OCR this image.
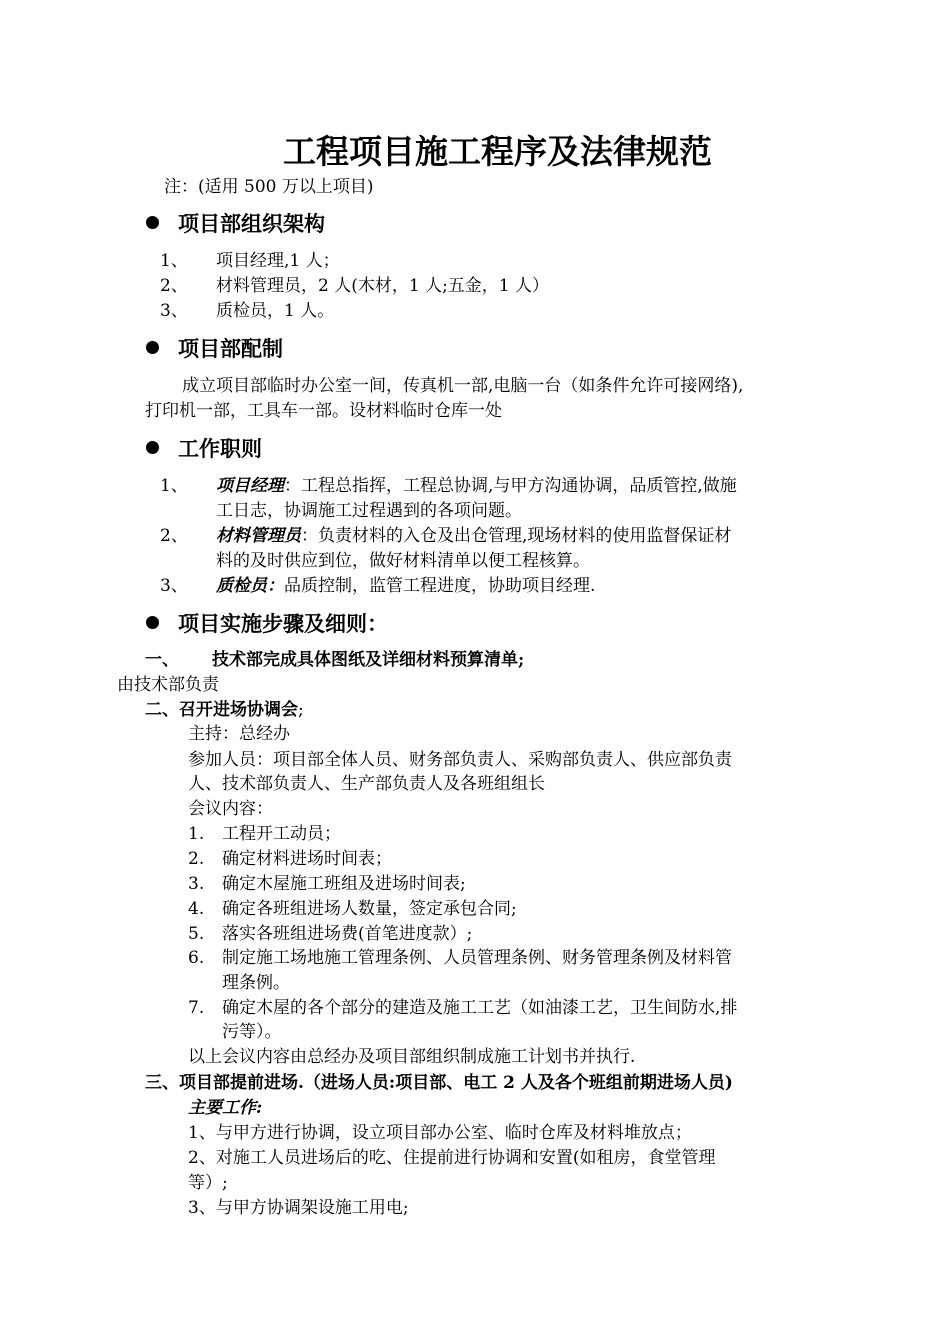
工程项目施工程序及法律规范
注：(适用 500 万以上项目)
项目部组织架构
1、 项目经理,1 人；
2、 材料管理员，2 人(木材，1 人;五金，1 人）
3、 质检员，1 人。
项目部配制
成立项目部临时办公室一间，传真机一部,电脑一台（如条件允许可接网络),
打印机一部，工具车一部。设材料临时仓库一处
工作职则
1、 项目经理：工程总指挥，工程总协调,与甲方沟通协调，品质管控,做施
工日志，协调施工过程遇到的各项问题。
2、 材料管理员：负责材料的入仓及出仓管理,现场材料的使用监督保证材
料的及时供应到位，做好材料清单以便工程核算。
3、 质检员：品质控制，监管工程进度，协助项目经理.
项目实施步骤及细则：
一、 技术部完成具体图纸及详细材料预算清单;
由技术部负责
二、召开进场协调会;
主持：总经办
参加人员：项目部全体人员、财务部负责人、采购部负责人、供应部负责
人、技术部负责人、生产部负责人及各班组组长
会议内容：
1. 工程开工动员；
2. 确定材料进场时间表；
3. 确定木屋施工班组及进场时间表;
4. 确定各班组进场人数量，签定承包合同;
5. 落实各班组进场费(首笔进度款）;
6. 制定施工场地施工管理条例、人员管理条例、财务管理条例及材料管
理条例。
7. 确定木屋的各个部分的建造及施工工艺（如油漆工艺，卫生间防水,排
污等）。
以上会议内容由总经办及项目部组织制成施工计划书并执行.
三、项目部提前进场.（进场人员:项目部、电工 2 人及各个班组前期进场人员)
主要工作:
1、与甲方进行协调，设立项目部办公室、临时仓库及材料堆放点；
2、对施工人员进场后的吃、住提前进行协调和安置(如租房，食堂管理
等）;
3、与甲方协调架设施工用电;
